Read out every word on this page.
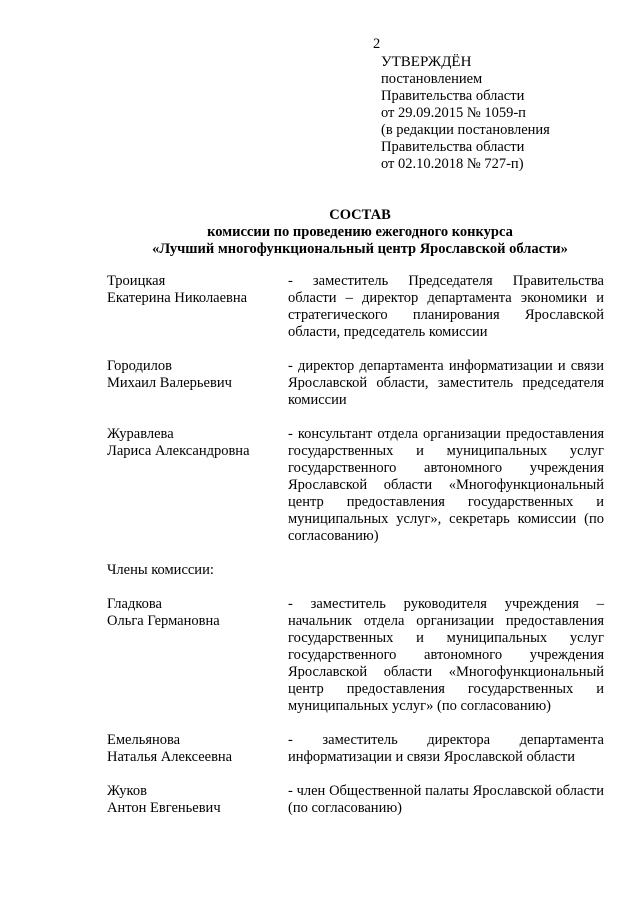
2
УТВЕРЖДЁН
постановлением
Правительства области
от 29.09.2015 № 1059-п
(в редакции постановления
Правительства области
от 02.10.2018 № 727-п)
СОСТАВ
комиссии по проведению ежегодного конкурса
«Лучший многофункциональный центр Ярославской области»
Троицкая
Екатерина Николаевна
- заместитель Председателя Правительства области – директор департамента экономики и стратегического планирования Ярославской области, председатель комиссии
Городилов
Михаил Валерьевич
- директор департамента информатизации и связи Ярославской области, заместитель председателя комиссии
Журавлева
Лариса Александровна
- консультант отдела организации предоставления государственных и муниципальных услуг государственного автономного учреждения Ярославской области «Многофункциональный центр предоставления государственных и муниципальных услуг», секретарь комиссии (по согласованию)
Члены комиссии:
Гладкова
Ольга Германовна
- заместитель руководителя учреждения – начальник отдела организации предоставления государственных и муниципальных услуг государственного автономного учреждения Ярославской области «Многофункциональный центр предоставления государственных и муниципальных услуг» (по согласованию)
Емельянова
Наталья Алексеевна
- заместитель директора департамента информатизации и связи Ярославской области
Жуков
Антон Евгеньевич
- член Общественной палаты Ярославской области (по согласованию)
